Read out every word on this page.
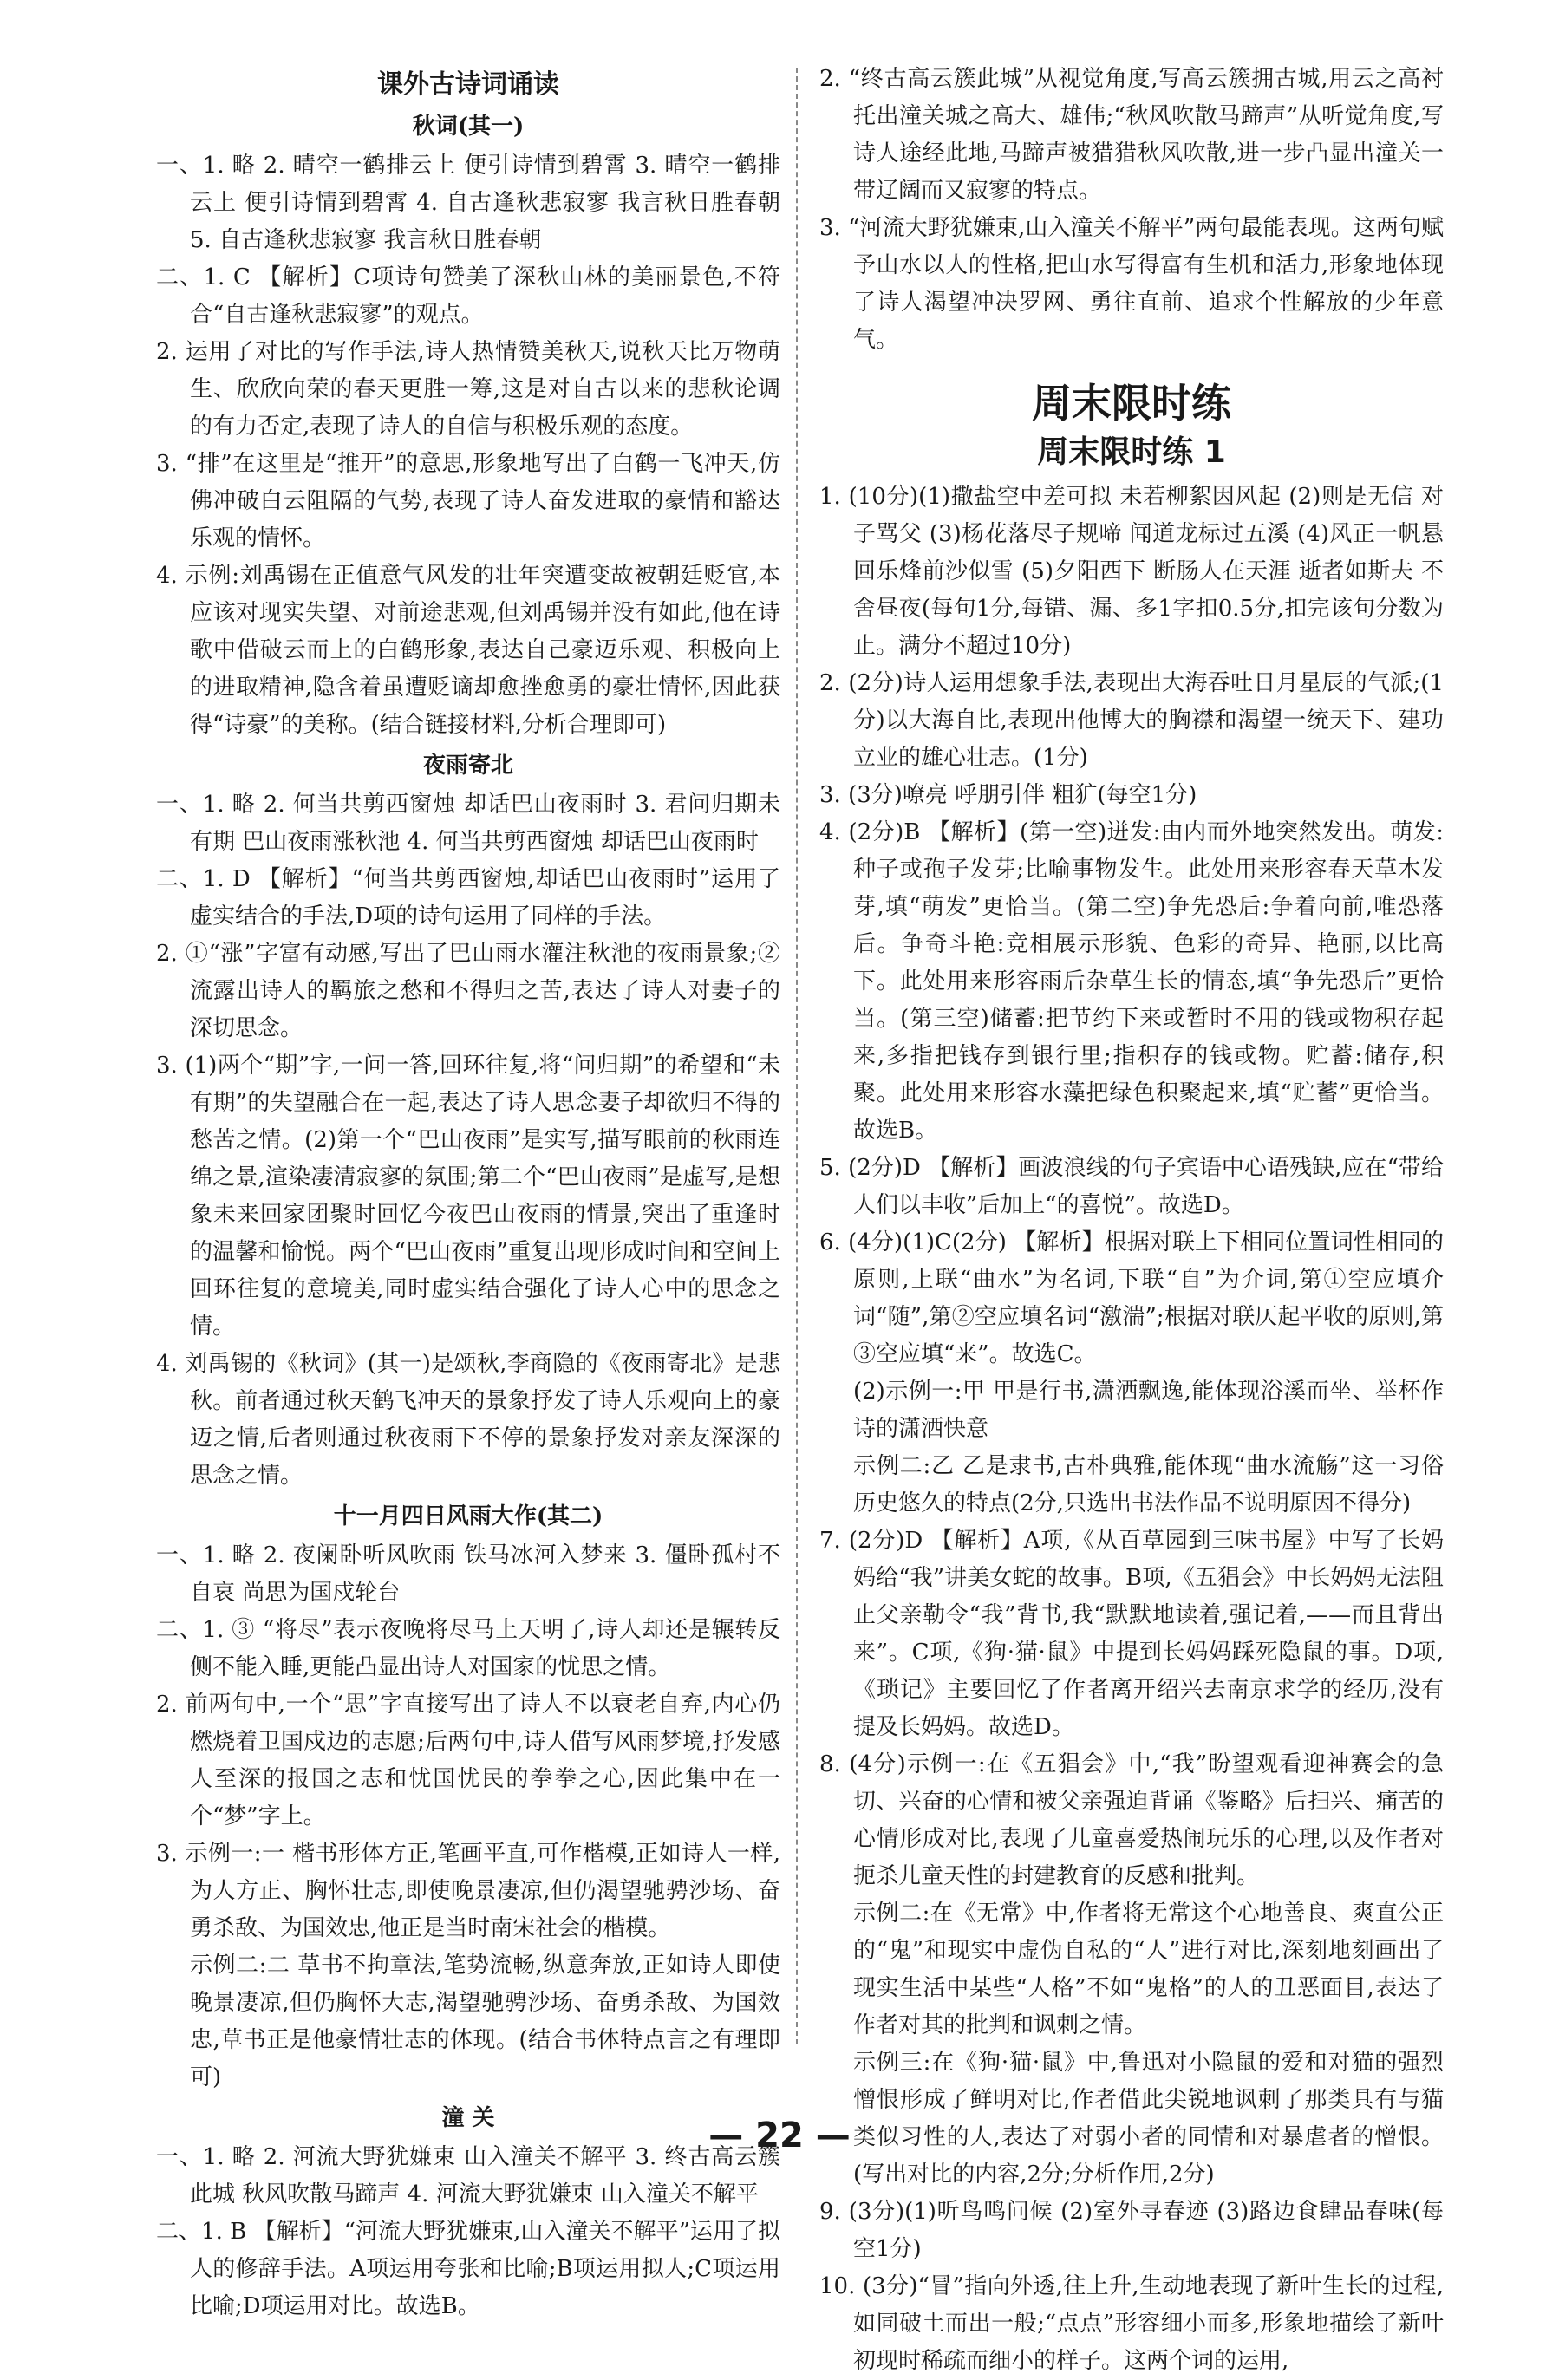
课外古诗词诵读
秋词(其一)
一、1. 略 2. 晴空一鹤排云上 便引诗情到碧霄 3. 晴空一鹤排云上 便引诗情到碧霄 4. 自古逢秋悲寂寥 我言秋日胜春朝 5. 自古逢秋悲寂寥 我言秋日胜春朝
二、1. C 【解析】C项诗句赞美了深秋山林的美丽景色,不符合“自古逢秋悲寂寥”的观点。
2. 运用了对比的写作手法,诗人热情赞美秋天,说秋天比万物萌生、欣欣向荣的春天更胜一筹,这是对自古以来的悲秋论调的有力否定,表现了诗人的自信与积极乐观的态度。
3. “排”在这里是“推开”的意思,形象地写出了白鹤一飞冲天,仿佛冲破白云阻隔的气势,表现了诗人奋发进取的豪情和豁达乐观的情怀。
4. 示例:刘禹锡在正值意气风发的壮年突遭变故被朝廷贬官,本应该对现实失望、对前途悲观,但刘禹锡并没有如此,他在诗歌中借破云而上的白鹤形象,表达自己豪迈乐观、积极向上的进取精神,隐含着虽遭贬谪却愈挫愈勇的豪壮情怀,因此获得“诗豪”的美称。(结合链接材料,分析合理即可)
夜雨寄北
一、1. 略 2. 何当共剪西窗烛 却话巴山夜雨时 3. 君问归期未有期 巴山夜雨涨秋池 4. 何当共剪西窗烛 却话巴山夜雨时
二、1. D 【解析】“何当共剪西窗烛,却话巴山夜雨时”运用了虚实结合的手法,D项的诗句运用了同样的手法。
2. ①“涨”字富有动感,写出了巴山雨水灌注秋池的夜雨景象;②流露出诗人的羁旅之愁和不得归之苦,表达了诗人对妻子的深切思念。
3. (1)两个“期”字,一问一答,回环往复,将“问归期”的希望和“未有期”的失望融合在一起,表达了诗人思念妻子却欲归不得的愁苦之情。(2)第一个“巴山夜雨”是实写,描写眼前的秋雨连绵之景,渲染凄清寂寥的氛围;第二个“巴山夜雨”是虚写,是想象未来回家团聚时回忆今夜巴山夜雨的情景,突出了重逢时的温馨和愉悦。两个“巴山夜雨”重复出现形成时间和空间上回环往复的意境美,同时虚实结合强化了诗人心中的思念之情。
4. 刘禹锡的《秋词》(其一)是颂秋,李商隐的《夜雨寄北》是悲秋。前者通过秋天鹤飞冲天的景象抒发了诗人乐观向上的豪迈之情,后者则通过秋夜雨下不停的景象抒发对亲友深深的思念之情。
十一月四日风雨大作(其二)
一、1. 略 2. 夜阑卧听风吹雨 铁马冰河入梦来 3. 僵卧孤村不自哀 尚思为国戍轮台
二、1. ③ “将尽”表示夜晚将尽马上天明了,诗人却还是辗转反侧不能入睡,更能凸显出诗人对国家的忧思之情。
2. 前两句中,一个“思”字直接写出了诗人不以衰老自弃,内心仍燃烧着卫国戍边的志愿;后两句中,诗人借写风雨梦境,抒发感人至深的报国之志和忧国忧民的拳拳之心,因此集中在一个“梦”字上。
3. 示例一:一 楷书形体方正,笔画平直,可作楷模,正如诗人一样,为人方正、胸怀壮志,即使晚景凄凉,但仍渴望驰骋沙场、奋勇杀敌、为国效忠,他正是当时南宋社会的楷模。
示例二:二 草书不拘章法,笔势流畅,纵意奔放,正如诗人即使晚景凄凉,但仍胸怀大志,渴望驰骋沙场、奋勇杀敌、为国效忠,草书正是他豪情壮志的体现。(结合书体特点言之有理即可)
潼 关
一、1. 略 2. 河流大野犹嫌束 山入潼关不解平 3. 终古高云簇此城 秋风吹散马蹄声 4. 河流大野犹嫌束 山入潼关不解平
二、1. B 【解析】“河流大野犹嫌束,山入潼关不解平”运用了拟人的修辞手法。A项运用夸张和比喻;B项运用拟人;C项运用比喻;D项运用对比。故选B。
2. “终古高云簇此城”从视觉角度,写高云簇拥古城,用云之高衬托出潼关城之高大、雄伟;“秋风吹散马蹄声”从听觉角度,写诗人途经此地,马蹄声被猎猎秋风吹散,进一步凸显出潼关一带辽阔而又寂寥的特点。
3. “河流大野犹嫌束,山入潼关不解平”两句最能表现。这两句赋予山水以人的性格,把山水写得富有生机和活力,形象地体现了诗人渴望冲决罗网、勇往直前、追求个性解放的少年意气。
周末限时练
周末限时练 1
1. (10分)(1)撒盐空中差可拟 未若柳絮因风起 (2)则是无信 对子骂父 (3)杨花落尽子规啼 闻道龙标过五溪 (4)风正一帆悬 回乐烽前沙似雪 (5)夕阳西下 断肠人在天涯 逝者如斯夫 不舍昼夜(每句1分,每错、漏、多1字扣0.5分,扣完该句分数为止。满分不超过10分)
2. (2分)诗人运用想象手法,表现出大海吞吐日月星辰的气派;(1分)以大海自比,表现出他博大的胸襟和渴望一统天下、建功立业的雄心壮志。(1分)
3. (3分)嘹亮 呼朋引伴 粗犷(每空1分)
4. (2分)B 【解析】(第一空)迸发:由内而外地突然发出。萌发:种子或孢子发芽;比喻事物发生。此处用来形容春天草木发芽,填“萌发”更恰当。(第二空)争先恐后:争着向前,唯恐落后。争奇斗艳:竞相展示形貌、色彩的奇异、艳丽,以比高下。此处用来形容雨后杂草生长的情态,填“争先恐后”更恰当。(第三空)储蓄:把节约下来或暂时不用的钱或物积存起来,多指把钱存到银行里;指积存的钱或物。贮蓄:储存,积聚。此处用来形容水藻把绿色积聚起来,填“贮蓄”更恰当。故选B。
5. (2分)D 【解析】画波浪线的句子宾语中心语残缺,应在“带给人们以丰收”后加上“的喜悦”。故选D。
6. (4分)(1)C(2分) 【解析】根据对联上下相同位置词性相同的原则,上联“曲水”为名词,下联“自”为介词,第①空应填介词“随”,第②空应填名词“激湍”;根据对联仄起平收的原则,第③空应填“来”。故选C。
(2)示例一:甲 甲是行书,潇洒飘逸,能体现浴溪而坐、举杯作诗的潇洒快意
示例二:乙 乙是隶书,古朴典雅,能体现“曲水流觞”这一习俗历史悠久的特点(2分,只选出书法作品不说明原因不得分)
7. (2分)D 【解析】A项,《从百草园到三味书屋》中写了长妈妈给“我”讲美女蛇的故事。B项,《五猖会》中长妈妈无法阻止父亲勒令“我”背书,我“默默地读着,强记着,——而且背出来”。C项,《狗·猫·鼠》中提到长妈妈踩死隐鼠的事。D项,《琐记》主要回忆了作者离开绍兴去南京求学的经历,没有提及长妈妈。故选D。
8. (4分)示例一:在《五猖会》中,“我”盼望观看迎神赛会的急切、兴奋的心情和被父亲强迫背诵《鉴略》后扫兴、痛苦的心情形成对比,表现了儿童喜爱热闹玩乐的心理,以及作者对扼杀儿童天性的封建教育的反感和批判。
示例二:在《无常》中,作者将无常这个心地善良、爽直公正的“鬼”和现实中虚伪自私的“人”进行对比,深刻地刻画出了现实生活中某些“人格”不如“鬼格”的人的丑恶面目,表达了作者对其的批判和讽刺之情。
示例三:在《狗·猫·鼠》中,鲁迅对小隐鼠的爱和对猫的强烈憎恨形成了鲜明对比,作者借此尖锐地讽刺了那类具有与猫类似习性的人,表达了对弱小者的同情和对暴虐者的憎恨。(写出对比的内容,2分;分析作用,2分)
9. (3分)(1)听鸟鸣问候 (2)室外寻春迹 (3)路边食肆品春味(每空1分)
10. (3分)“冒”指向外透,往上升,生动地表现了新叶生长的过程,如同破土而出一般;“点点”形容细小而多,形象地描绘了新叶初现时稀疏而细小的样子。这两个词的运用,
— 22 —
